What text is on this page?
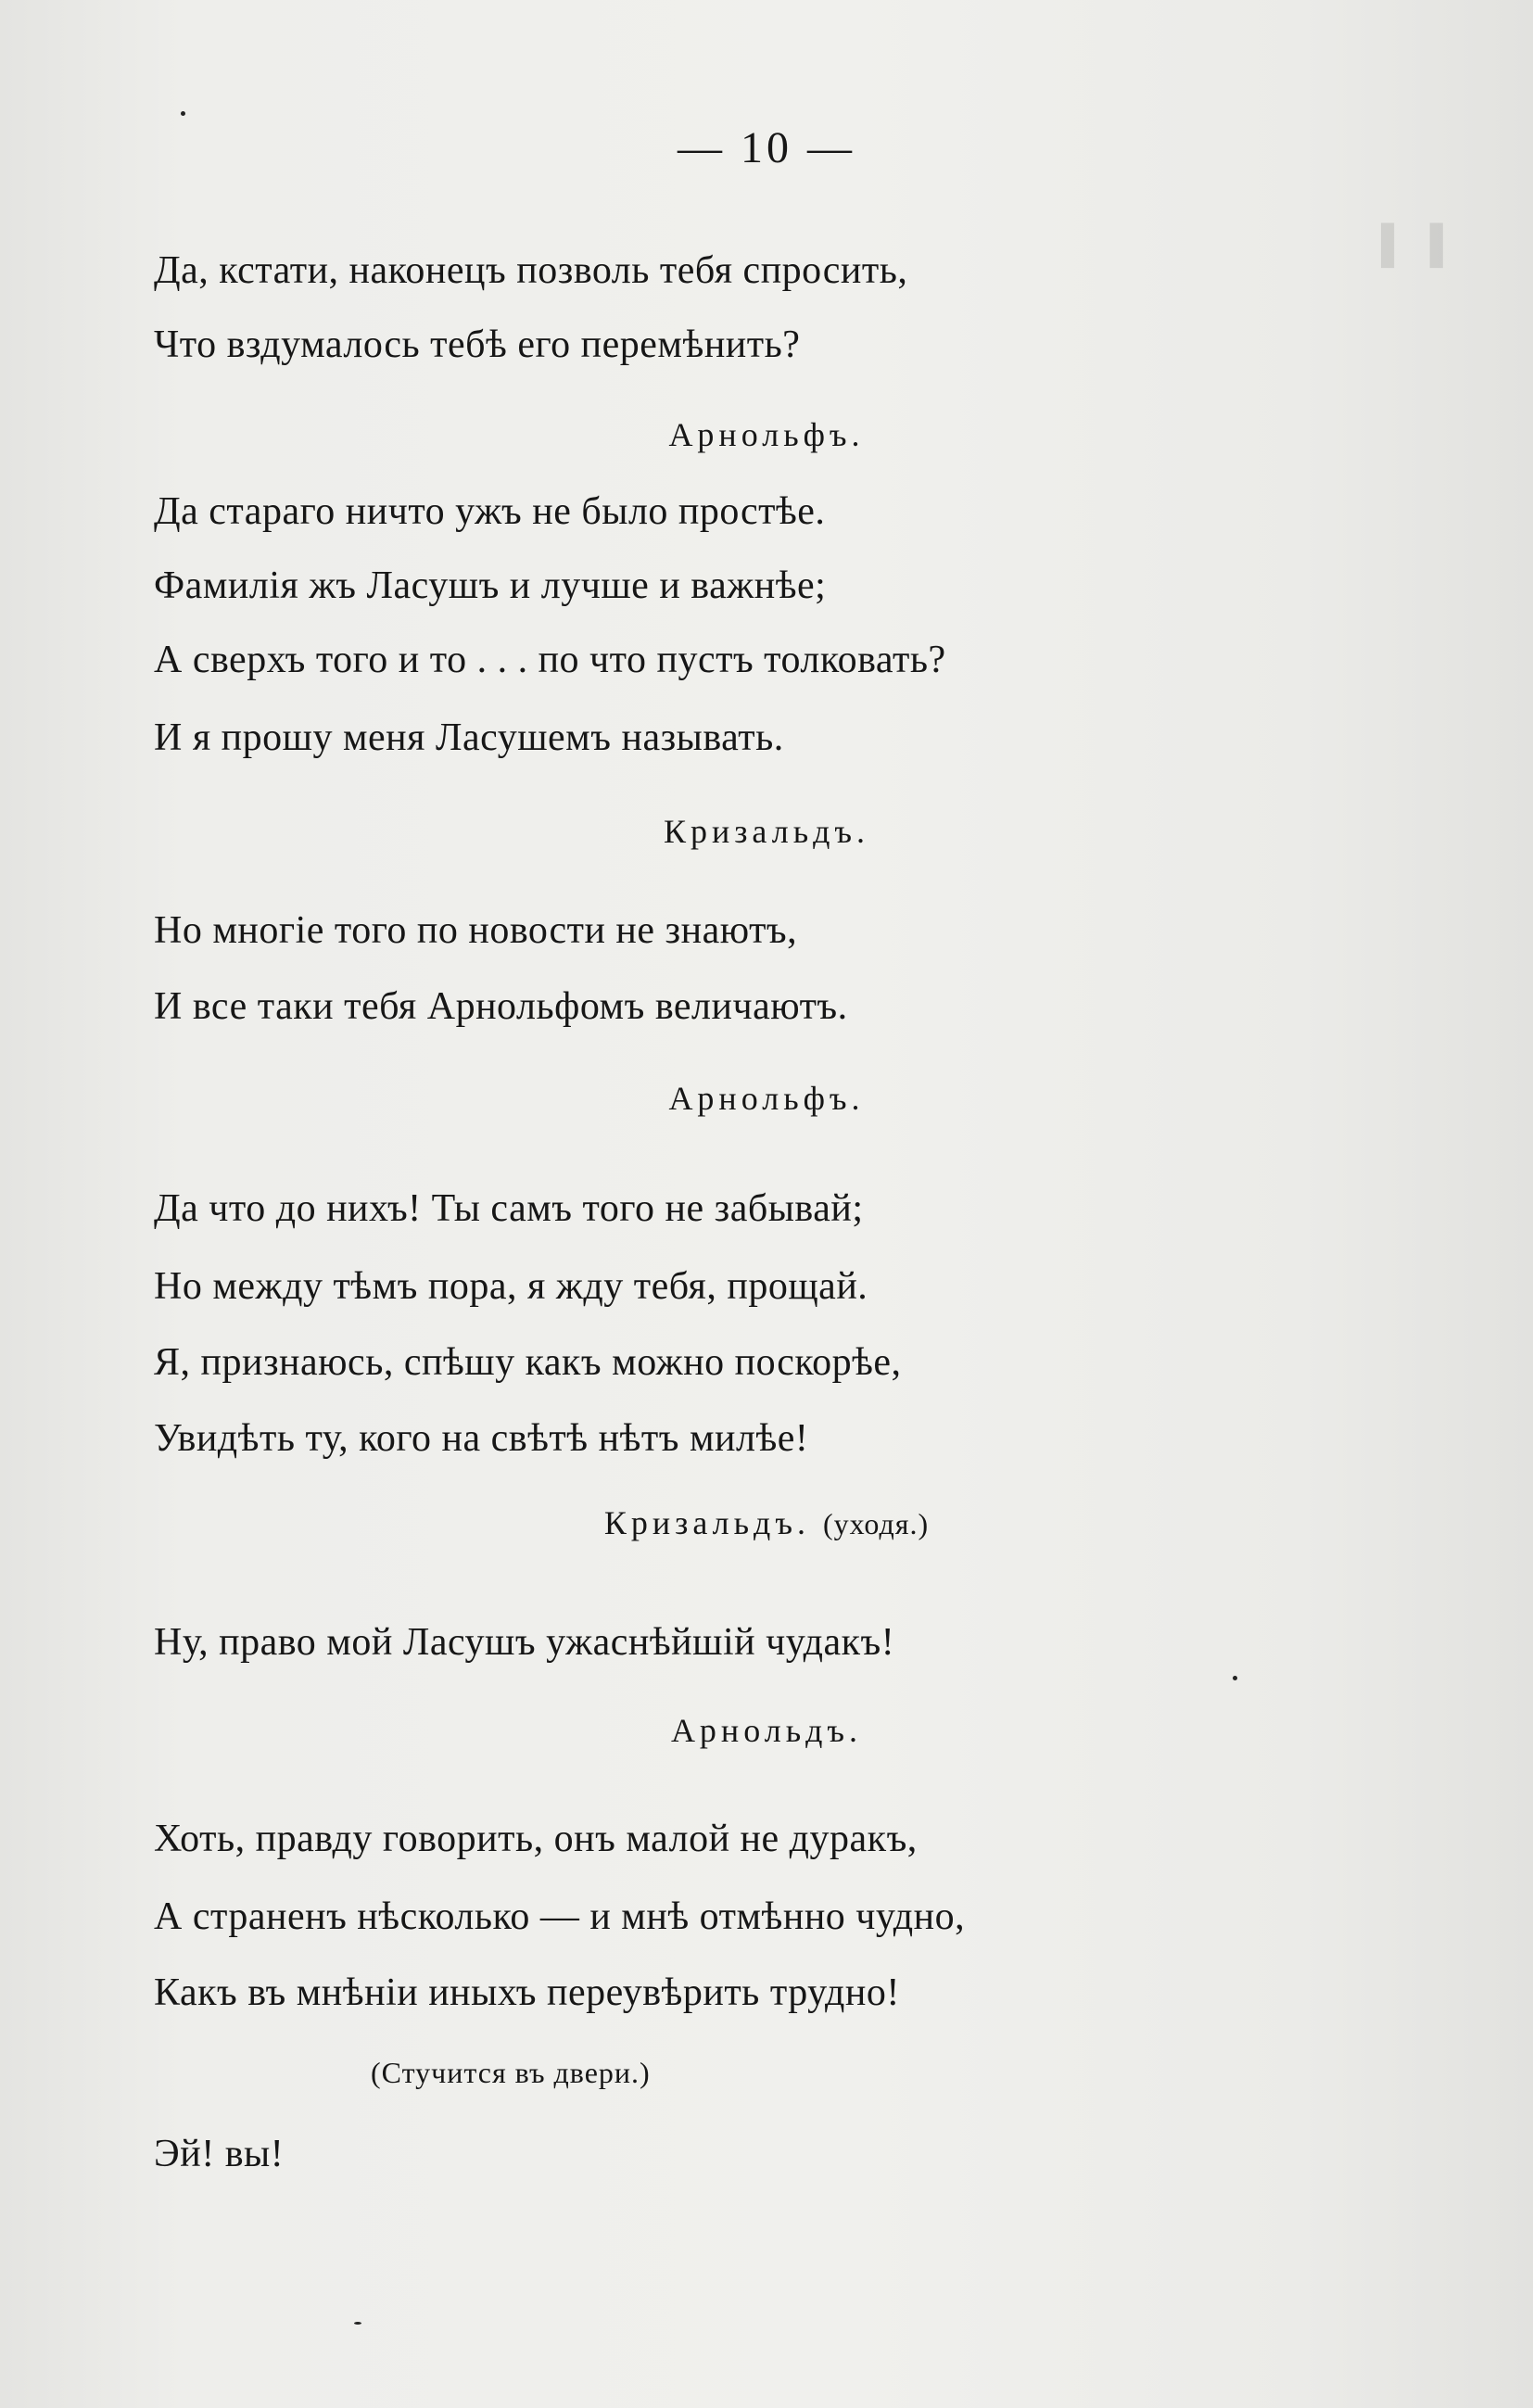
▌ ▐
— 10 —
Да, кстати, наконецъ позволь тебя спросить,
Что вздумалось тебѣ его перемѣнить?
Арнольфъ.
Да стараго ничто ужъ не было простѣе.
Фамилія жъ Ласушъ и лучше и важнѣе;
А сверхъ того и то . . . по что пустъ толковать?
И я прошу меня Ласушемъ называть.
Кризальдъ.
Но многіе того по новости не знаютъ,
И все таки тебя Арнольфомъ величаютъ.
Арнольфъ.
Да что до нихъ! Ты самъ того не забывай;
Но между тѣмъ пора, я жду тебя, прощай.
Я, признаюсь, спѣшу какъ можно поскорѣе,
Увидѣть ту, кого на свѣтѣ нѣтъ милѣе!
Кризальдъ. (уходя.)
Ну, право мой Ласушъ ужаснѣйшій чудакъ!
Арнольдъ.
Хоть, правду говорить, онъ малой не дуракъ,
А страненъ нѣсколько — и мнѣ отмѣнно чудно,
Какъ въ мнѣніи иныхъ переувѣрить трудно!
(Стучится въ двери.)
Эй! вы!
